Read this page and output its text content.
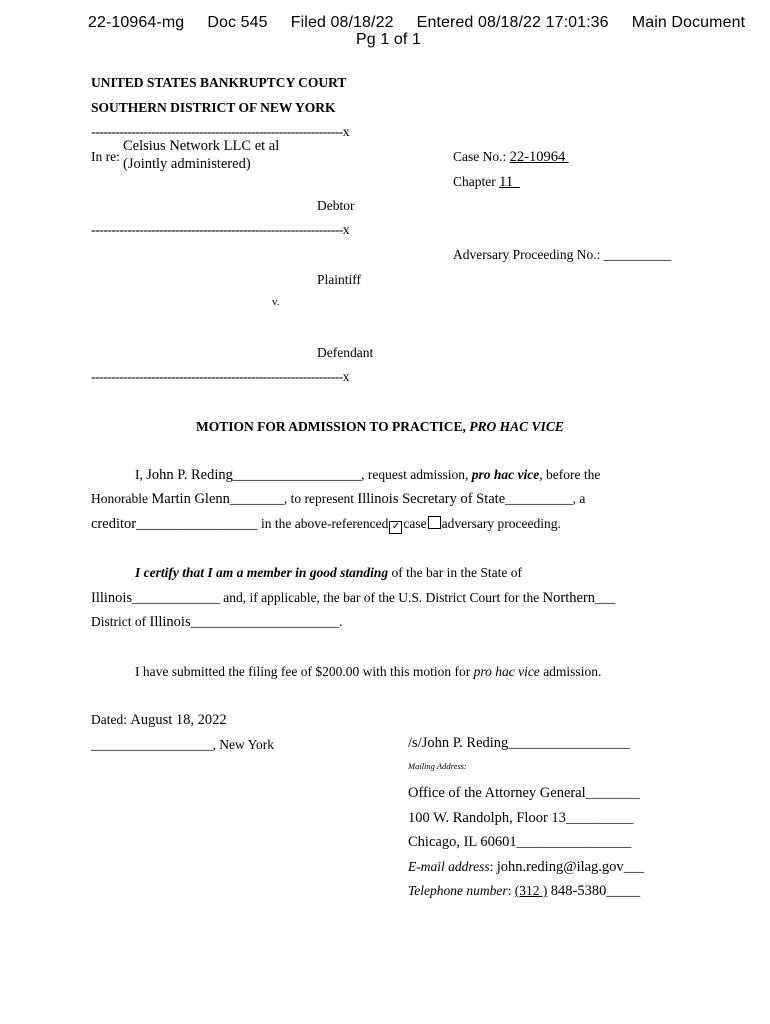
22-10964-mg Doc 545 Filed 08/18/22 Entered 08/18/22 17:01:36 Main Document
Pg 1 of 1
UNITED STATES BANKRUPTCY COURT
SOUTHERN DISTRICT OF NEW YORK
---------------------------------------------------------------x
In re:
Celsius Network LLC et al
(Jointly administered)	Case No.: 22-10964
Chapter 11
Debtor
---------------------------------------------------------------x
Adversary Proceeding No.: __________
Plaintiff
v.
Defendant
---------------------------------------------------------------x
MOTION FOR ADMISSION TO PRACTICE, PRO HAC VICE
I, John P. Reding___________________, request admission, pro hac vice, before the
Honorable Martin Glenn________, to represent Illinois Secretary of State__________, a
creditor__________________ in the above-referenced ✓ case adversary proceeding.
I certify that I am a member in good standing of the bar in the State of
Illinois_____________ and, if applicable, the bar of the U.S. District Court for the Northern___
District of Illinois______________________.
I have submitted the filing fee of $200.00 with this motion for pro hac vice admission.
Dated: August 18, 2022
__________________, New York	/s/John P. Reding__________________
Mailing Address:
Office of the Attorney General________
100 W. Randolph, Floor 13__________
Chicago, IL 60601_________________
E-mail address: john.reding@ilag.gov___
Telephone number: (312 ) 848-5380_____
